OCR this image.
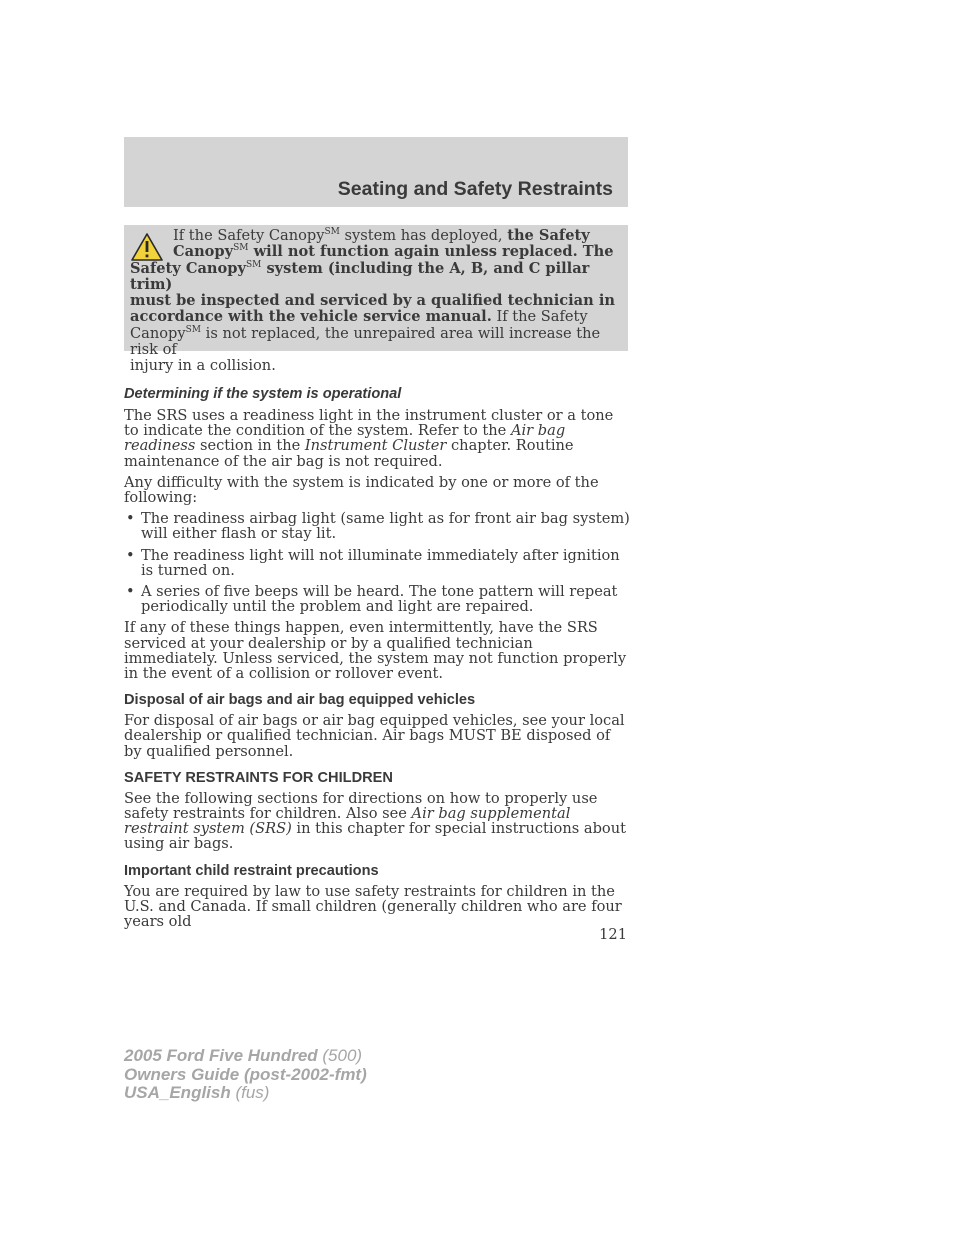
Seating and Safety Restraints
If the Safety Canopy℠ system has deployed, the Safety
Canopy℠ will not function again unless replaced. The
Safety Canopy℠ system (including the A, B, and C pillar trim)
must be inspected and serviced by a qualified technician in
accordance with the vehicle service manual. If the Safety
Canopy℠ is not replaced, the unrepaired area will increase the risk of
injury in a collision.
Determining if the system is operational

The SRS uses a readiness light in the instrument cluster or a tone to indicate the condition of the system. Refer to the Air bag readiness section in the Instrument Cluster chapter. Routine maintenance of the air bag is not required.

Any difficulty with the system is indicated by one or more of the following:

• The readiness airbag light (same light as for front air bag system) will either flash or stay lit.
• The readiness light will not illuminate immediately after ignition is turned on.
• A series of five beeps will be heard. The tone pattern will repeat periodically until the problem and light are repaired.

If any of these things happen, even intermittently, have the SRS serviced at your dealership or by a qualified technician immediately. Unless serviced, the system may not function properly in the event of a collision or rollover event.

Disposal of air bags and air bag equipped vehicles

For disposal of air bags or air bag equipped vehicles, see your local dealership or qualified technician. Air bags MUST BE disposed of by qualified personnel.

SAFETY RESTRAINTS FOR CHILDREN

See the following sections for directions on how to properly use safety restraints for children. Also see Air bag supplemental restraint system (SRS) in this chapter for special instructions about using air bags.

Important child restraint precautions

You are required by law to use safety restraints for children in the U.S. and Canada. If small children (generally children who are four years old

121
2005 Ford Five Hundred (500)
Owners Guide (post-2002-fmt)
USA_English (fus)
